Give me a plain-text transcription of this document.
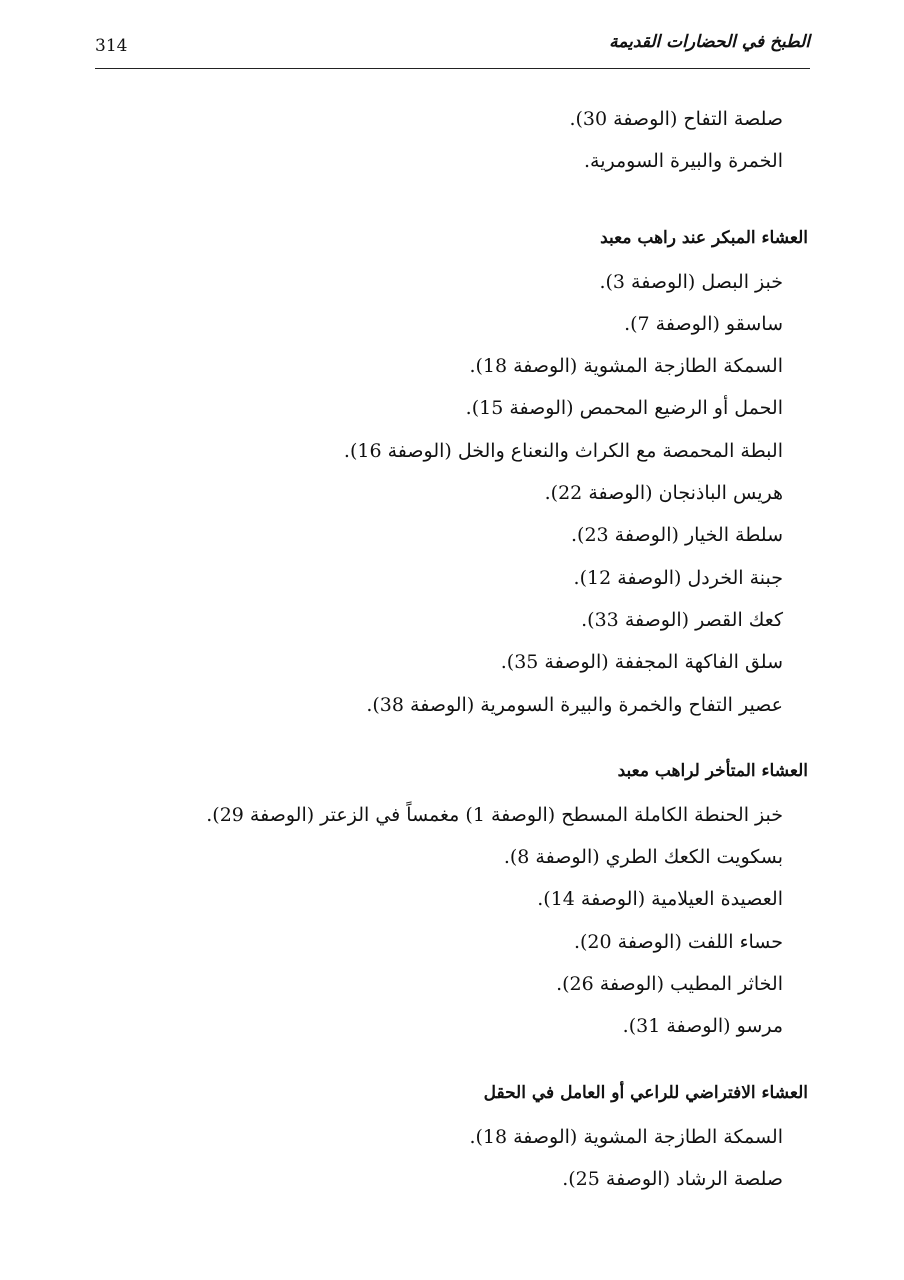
314	الطبخ في الحضارات القديمة
صلصة التفاح (الوصفة 30).
الخمرة والبيرة السومرية.
العشاء المبكر عند راهب معبد
خبز البصل (الوصفة 3).
ساسقو (الوصفة 7).
السمكة الطازجة المشوية (الوصفة 18).
الحمل أو الرضيع المحمص (الوصفة 15).
البطة المحمصة مع الكراث والنعناع والخل (الوصفة 16).
هريس الباذنجان (الوصفة 22).
سلطة الخيار (الوصفة 23).
جبنة الخردل (الوصفة 12).
كعك القصر (الوصفة 33).
سلق الفاكهة المجففة (الوصفة 35).
عصير التفاح والخمرة والبيرة السومرية (الوصفة 38).
العشاء المتأخر لراهب معبد
خبز الحنطة الكاملة المسطح (الوصفة 1) مغمساً في الزعتر (الوصفة 29).
بسكويت الكعك الطري (الوصفة 8).
العصيدة العيلامية (الوصفة 14).
حساء اللفت (الوصفة 20).
الخاثر المطيب (الوصفة 26).
مرسو (الوصفة 31).
العشاء الافتراضي للراعي أو العامل في الحقل
السمكة الطازجة المشوية (الوصفة 18).
صلصة الرشاد (الوصفة 25).
